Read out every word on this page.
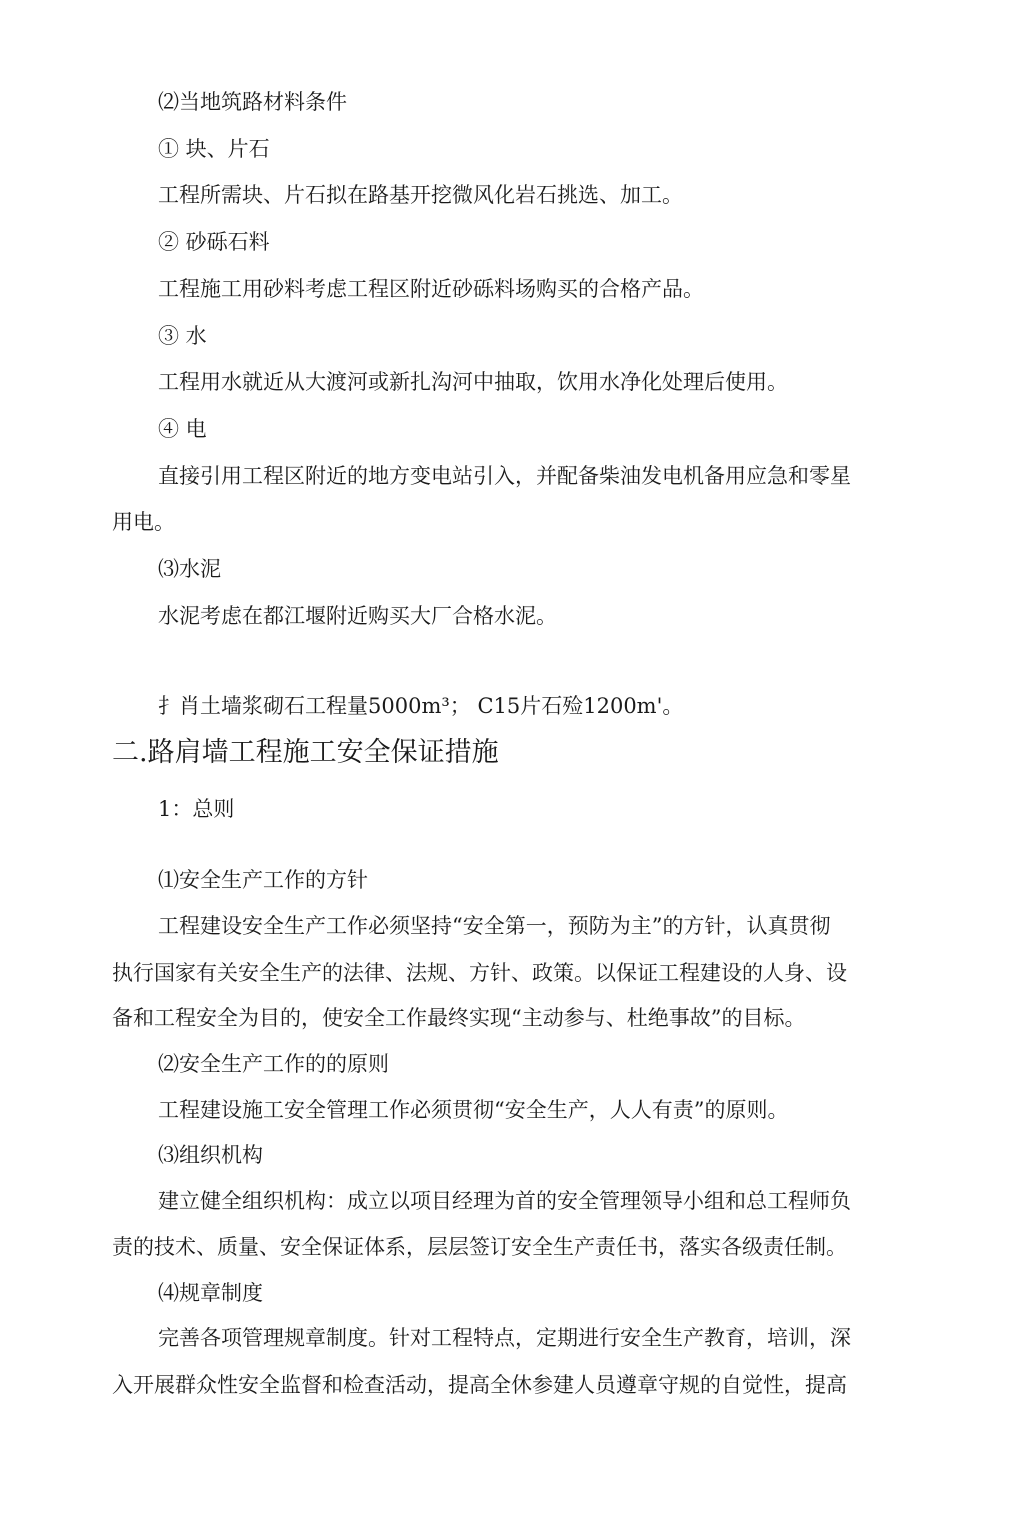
⑵当地筑路材料条件
① 块、片石
工程所需块、片石拟在路基开挖微风化岩石挑选、加工。
② 砂砾石料
工程施工用砂料考虑工程区附近砂砾料场购买的合格产品。
③ 水
工程用水就近从大渡河或新扎沟河中抽取，饮用水净化处理后使用。
④ 电
直接引用工程区附近的地方变电站引入，并配备柴油发电机备用应急和零星
用电。
⑶水泥
水泥考虑在都江堰附近购买大厂合格水泥。
扌肖土墙浆砌石工程量5000m³； C15片石殓1200m'。
二.路肩墙工程施工安全保证措施
1：总则
⑴安全生产工作的方针
工程建设安全生产工作必须坚持“安全第一，预防为主”的方针，认真贯彻
执行国家有关安全生产的法律、法规、方针、政策。以保证工程建设的人身、设
备和工程安全为目的，使安全工作最终实现“主动参与、杜绝事故”的目标。
⑵安全生产工作的的原则
工程建设施工安全管理工作必须贯彻“安全生产，人人有责”的原则。
⑶组织机构
建立健全组织机构：成立以项目经理为首的安全管理领导小组和总工程师负
责的技术、质量、安全保证体系，层层签订安全生产责任书，落实各级责任制。
⑷规章制度
完善各项管理规章制度。针对工程特点，定期进行安全生产教育，培训，深
入开展群众性安全监督和检查活动，提高全休参建人员遵章守规的自觉性，提高
